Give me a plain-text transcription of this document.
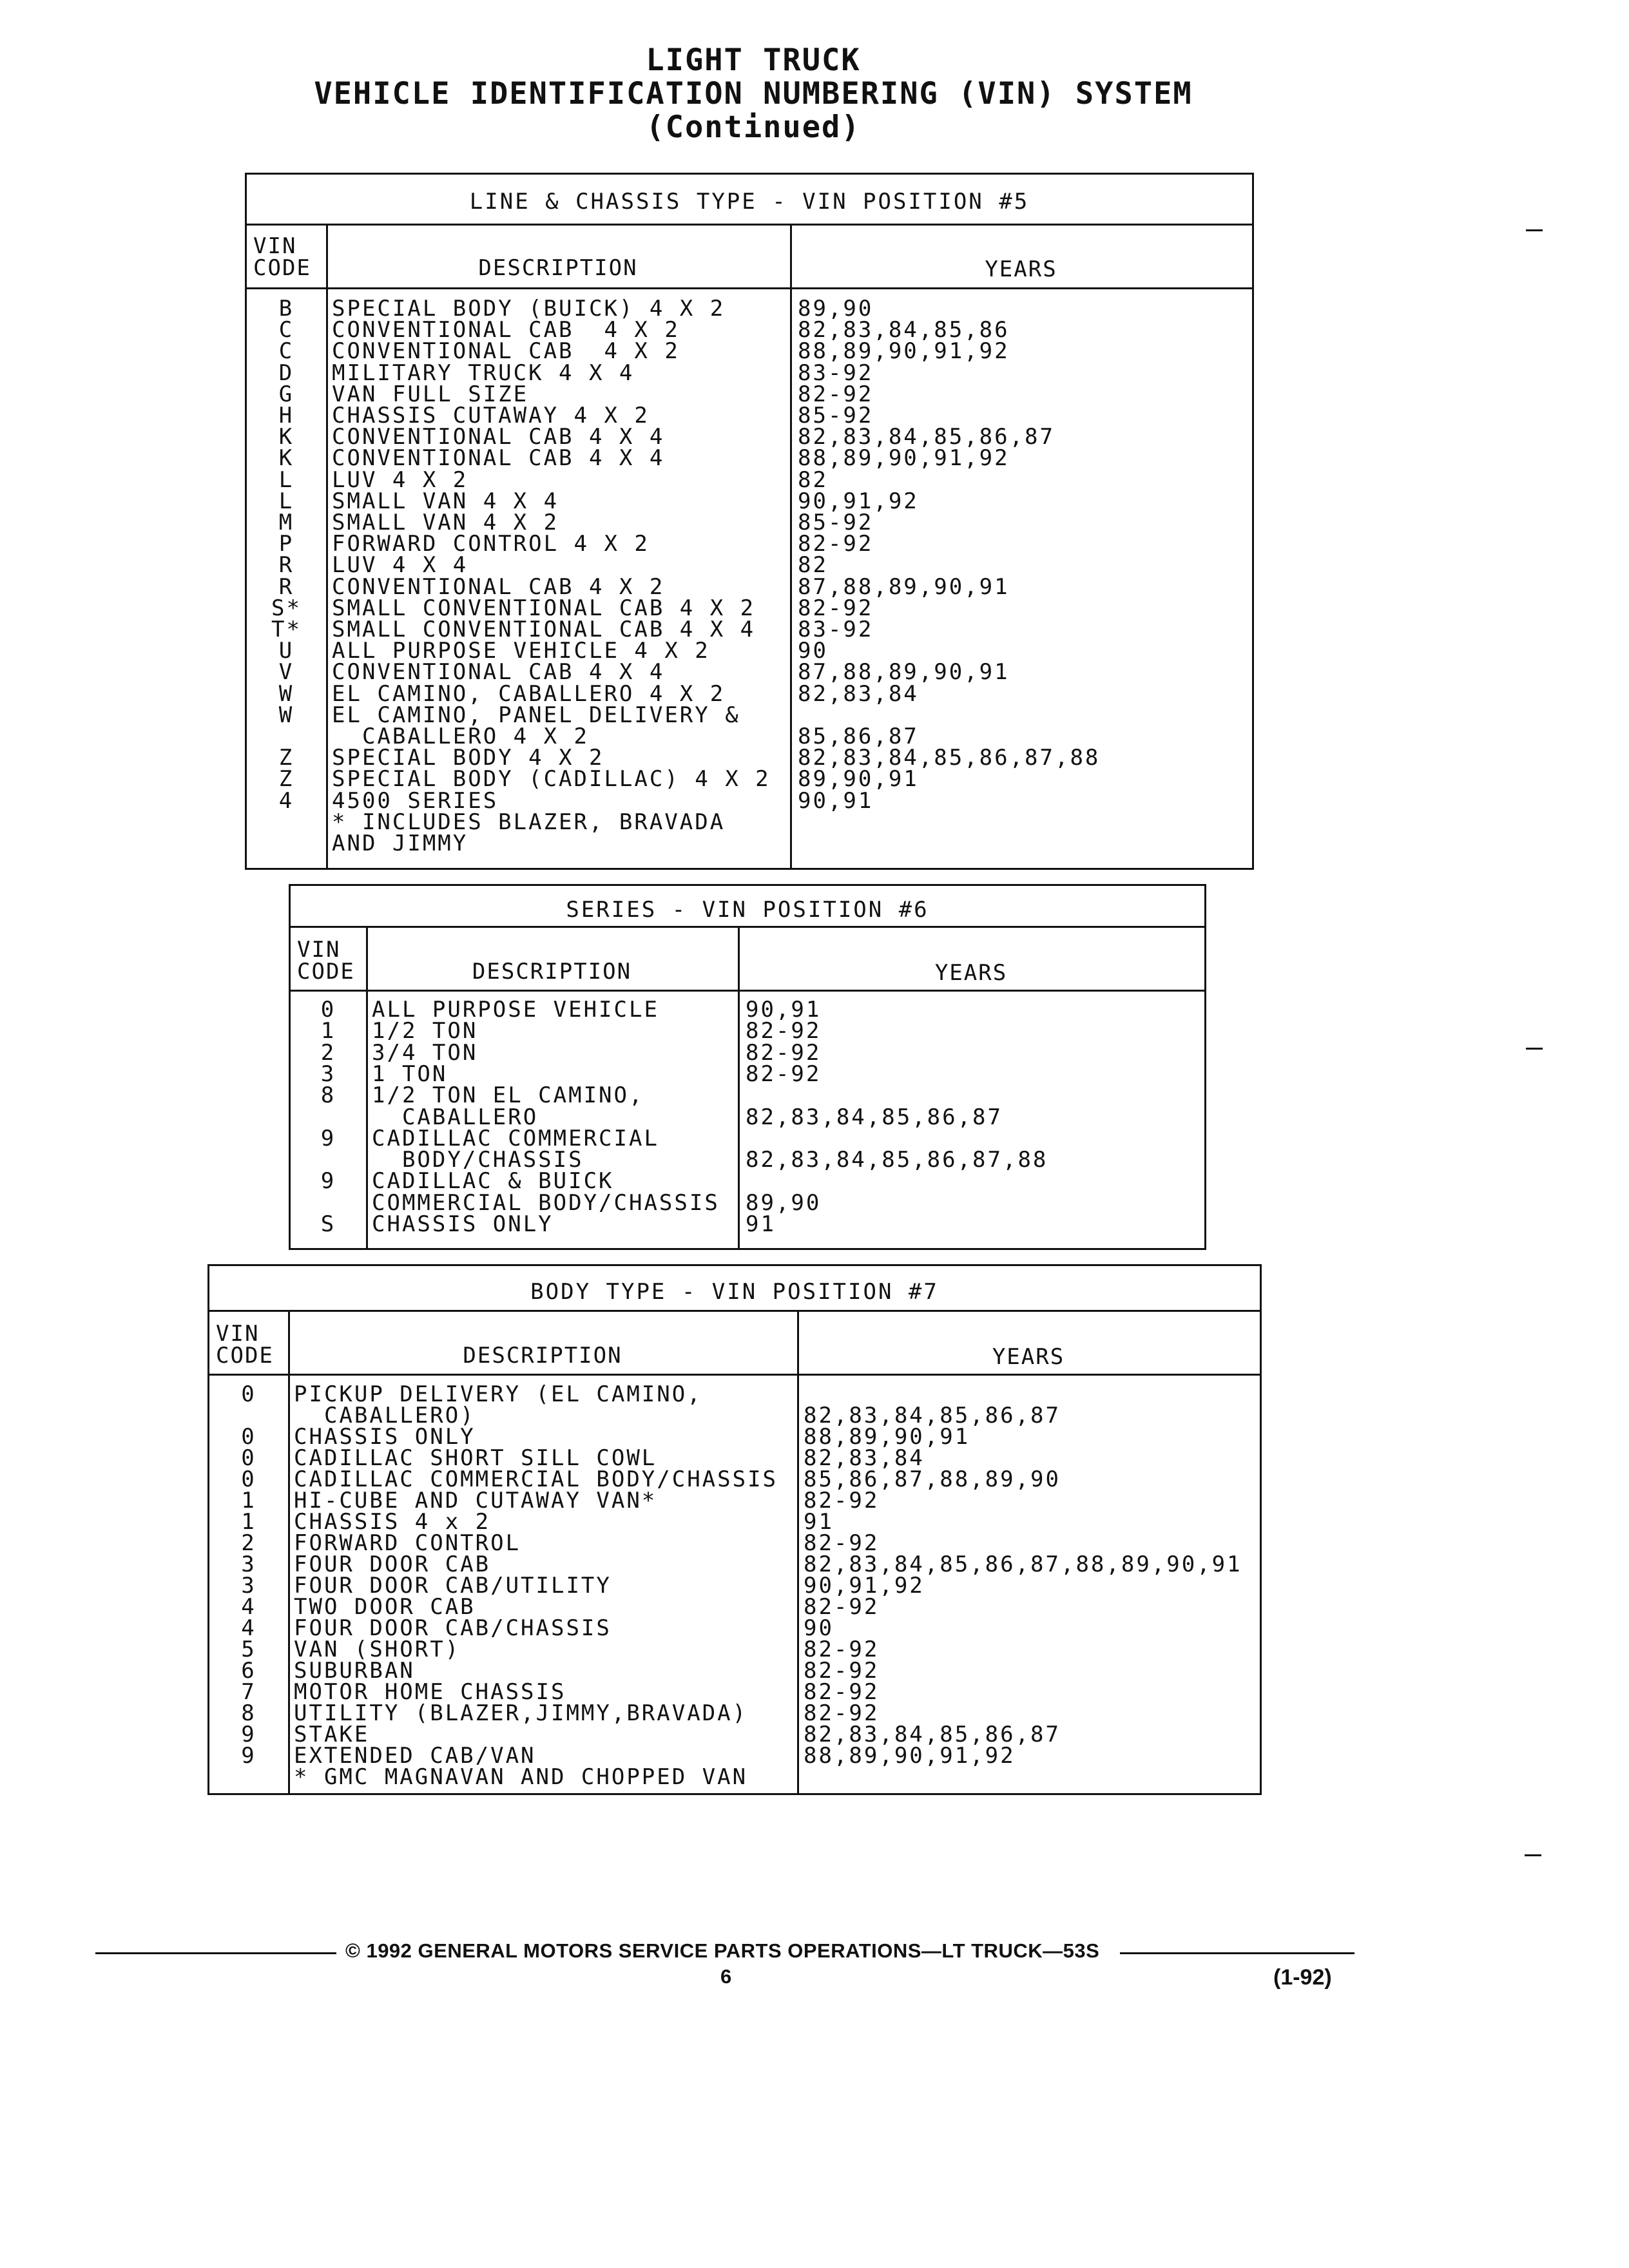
LIGHT TRUCK
VEHICLE IDENTIFICATION NUMBERING (VIN) SYSTEM
(Continued)
LINE & CHASSIS TYPE - VIN POSITION #5
VIN
CODE	DESCRIPTION	YEARS
B	SPECIAL BODY (BUICK) 4 X 2	89,90
C	CONVENTIONAL CAB  4 X 2	82,83,84,85,86
C	CONVENTIONAL CAB  4 X 2	88,89,90,91,92
D	MILITARY TRUCK 4 X 4	83-92
G	VAN FULL SIZE	82-92
H	CHASSIS CUTAWAY 4 X 2	85-92
K	CONVENTIONAL CAB 4 X 4	82,83,84,85,86,87
K	CONVENTIONAL CAB 4 X 4	88,89,90,91,92
L	LUV 4 X 2	82
L	SMALL VAN 4 X 4	90,91,92
M	SMALL VAN 4 X 2	85-92
P	FORWARD CONTROL 4 X 2	82-92
R	LUV 4 X 4	82
R	CONVENTIONAL CAB 4 X 2	87,88,89,90,91
S*	SMALL CONVENTIONAL CAB 4 X 2 82-92
T*	SMALL CONVENTIONAL CAB 4 X 4 83-92
U	ALL PURPOSE VEHICLE 4 X 2	90
V	CONVENTIONAL CAB 4 X 4	87,88,89,90,91
W	EL CAMINO, CABALLERO 4 X 2	82,83,84
W	EL CAMINO, PANEL DELIVERY &
CABALLERO 4 X 2	85,86,87
Z	SPECIAL BODY 4 X 2	82,83,84,85,86,87,88
Z	SPECIAL BODY (CADILLAC) 4 X 2 89,90,91
4	4500 SERIES	90,91
* INCLUDES BLAZER, BRAVADA
AND JIMMY
SERIES - VIN POSITION #6
VIN
CODE	DESCRIPTION	YEARS
0	ALL PURPOSE VEHICLE	90,91
1	1/2 TON	82-92
2	3/4 TON	82-92
3	1 TON	82-92
8	1/2 TON EL CAMINO,
CABALLERO	82,83,84,85,86,87
9	CADILLAC COMMERCIAL
BODY/CHASSIS	82,83,84,85,86,87,88
9	CADILLAC & BUICK
COMMERCIAL BODY/CHASSIS 89,90
S	CHASSIS ONLY	91
BODY TYPE - VIN POSITION #7
VIN
CODE	DESCRIPTION	YEARS
0	PICKUP DELIVERY (EL CAMINO,
CABALLERO)	82,83,84,85,86,87
0	CHASSIS ONLY	88,89,90,91
0	CADILLAC SHORT SILL COWL	82,83,84
0	CADILLAC COMMERCIAL BODY/CHASSIS 85,86,87,88,89,90
1	HI-CUBE AND CUTAWAY VAN*	82-92
1	CHASSIS 4 x 2	91
2	FORWARD CONTROL	82-92
3	FOUR DOOR CAB	82,83,84,85,86,87,88,89,90,91
3	FOUR DOOR CAB/UTILITY	90,91,92
4	TWO DOOR CAB	82-92
4	FOUR DOOR CAB/CHASSIS	90
5	VAN (SHORT)	82-92
6	SUBURBAN	82-92
7	MOTOR HOME CHASSIS	82-92
8	UTILITY (BLAZER,JIMMY,BRAVADA)	82-92
9	STAKE	82,83,84,85,86,87
9	EXTENDED CAB/VAN	88,89,90,91,92
* GMC MAGNAVAN AND CHOPPED VAN
© 1992 GENERAL MOTORS SERVICE PARTS OPERATIONS—LT TRUCK—53S
6	(1-92)
